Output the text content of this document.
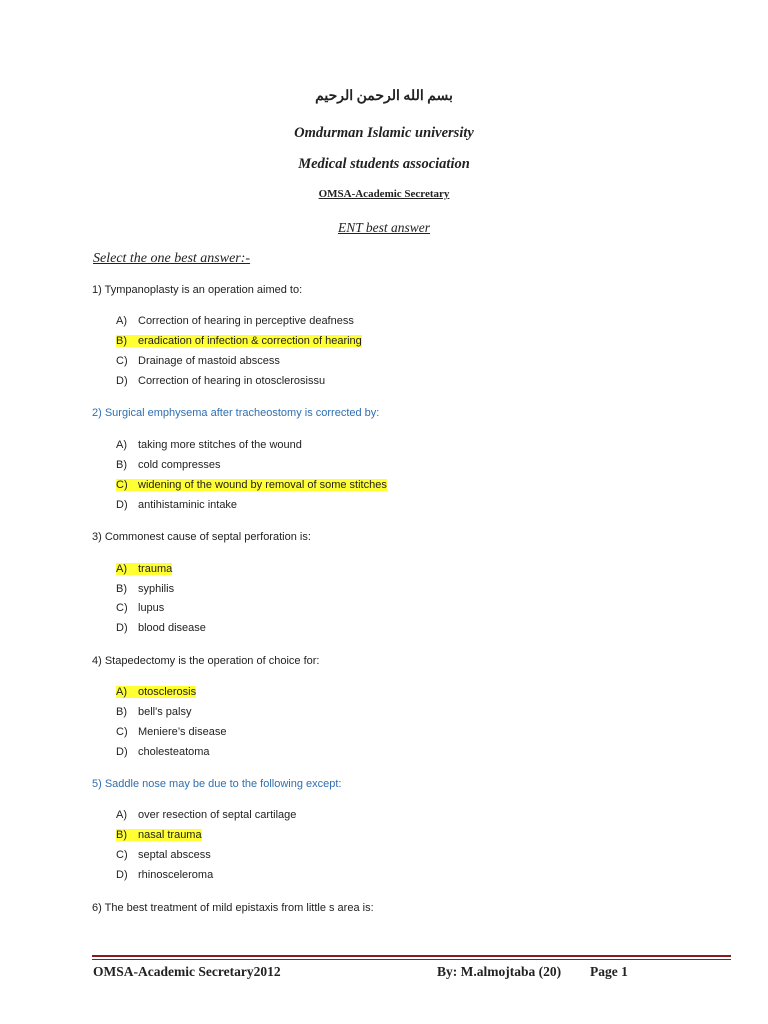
بسم الله الرحمن الرحيم
Omdurman Islamic university
Medical students association
OMSA-Academic Secretary
ENT best answer
Select the one best answer:-
1) Tympanoplasty is an operation aimed to:
A) Correction of hearing in perceptive deafness
B) eradication of infection & correction of hearing
C) Drainage of mastoid abscess
D) Correction of hearing in otosclerosissu
2) Surgical emphysema after tracheostomy is corrected by:
A) taking more stitches of the wound
B) cold compresses
C) widening of the wound by removal of some stitches
D) antihistaminic intake
3) Commonest cause of septal perforation is:
A) trauma
B) syphilis
C) lupus
D) blood disease
4) Stapedectomy is the operation of choice for:
A) otosclerosis
B) bell's palsy
C) Meniere’s disease
D) cholesteatoma
5) Saddle nose may be due to the following except:
A) over resection of septal cartilage
B) nasal trauma
C) septal abscess
D) rhinosceleroma
6) The best treatment of mild epistaxis from little s area is:
OMSA-Academic Secretary2012	By: M.almojtaba (20) Page 1
